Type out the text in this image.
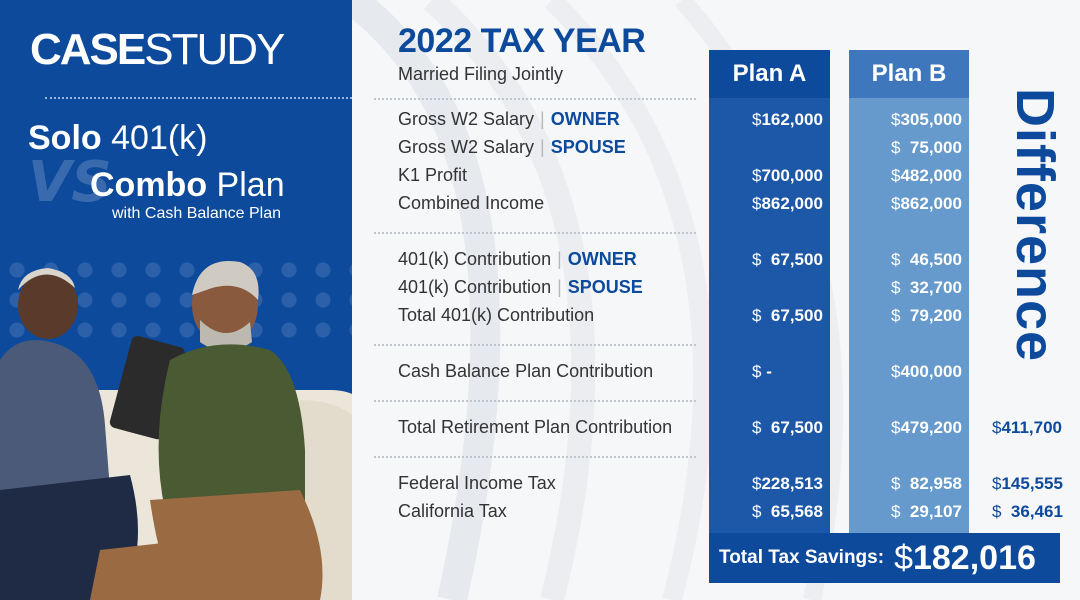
CASESTUDY
VS
Solo 401(k)
Combo Plan
with Cash Balance Plan
2022 TAX YEAR
Married Filing Jointly	Plan A	Plan B
Difference
Gross W2 Salary | OWNER
Gross W2 Salary | SPOUSE
K1 Profit
Combined Income
401(k) Contribution | OWNER
401(k) Contribution | SPOUSE
Total 401(k) Contribution
Cash Balance Plan Contribution
Total Retirement Plan Contribution
Federal Income Tax
California Tax
$162,000
$700,000
$862,000
$  67,500
$  67,500
$ -
$  67,500
$228,513
$  65,568
$305,000
$  75,000
$482,000
$862,000
$  46,500
$  32,700
$  79,200
$400,000
$479,200
$  82,958
$  29,107
$411,700
$145,555
$  36,461
Total Tax Savings: $182,016
